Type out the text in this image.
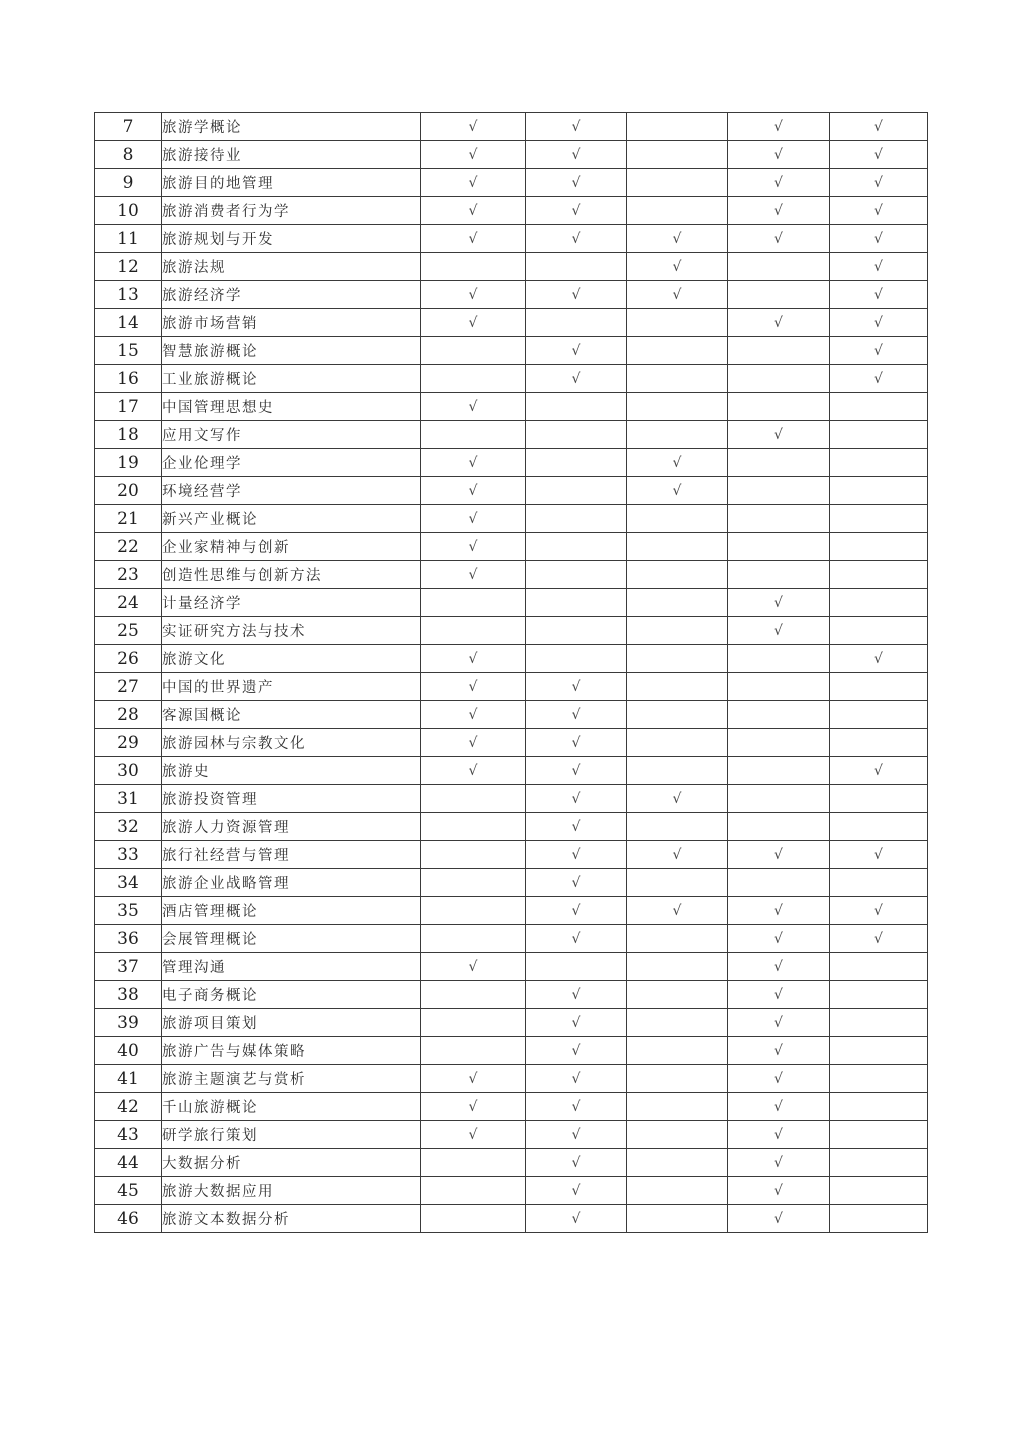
7	旅游学概论	√	√		√	√
8	旅游接待业	√	√		√	√
9	旅游目的地管理	√	√		√	√
10	旅游消费者行为学	√	√		√	√
11	旅游规划与开发	√	√	√	√	√
12	旅游法规			√		√
13	旅游经济学	√	√	√		√
14	旅游市场营销	√			√	√
15	智慧旅游概论		√			√
16	工业旅游概论		√			√
17	中国管理思想史	√				
18	应用文写作				√	
19	企业伦理学	√		√		
20	环境经营学	√		√		
21	新兴产业概论	√				
22	企业家精神与创新	√				
23	创造性思维与创新方法	√				
24	计量经济学				√	
25	实证研究方法与技术				√	
26	旅游文化	√				√
27	中国的世界遗产	√	√			
28	客源国概论	√	√			
29	旅游园林与宗教文化	√	√			
30	旅游史	√	√			√
31	旅游投资管理		√	√		
32	旅游人力资源管理		√			
33	旅行社经营与管理		√	√	√	√
34	旅游企业战略管理		√			
35	酒店管理概论		√	√	√	√
36	会展管理概论		√		√	√
37	管理沟通	√			√	
38	电子商务概论		√		√	
39	旅游项目策划		√		√	
40	旅游广告与媒体策略		√		√	
41	旅游主题演艺与赏析	√	√		√	
42	千山旅游概论	√	√		√	
43	研学旅行策划	√	√		√	
44	大数据分析		√		√	
45	旅游大数据应用		√		√	
46	旅游文本数据分析		√		√	
